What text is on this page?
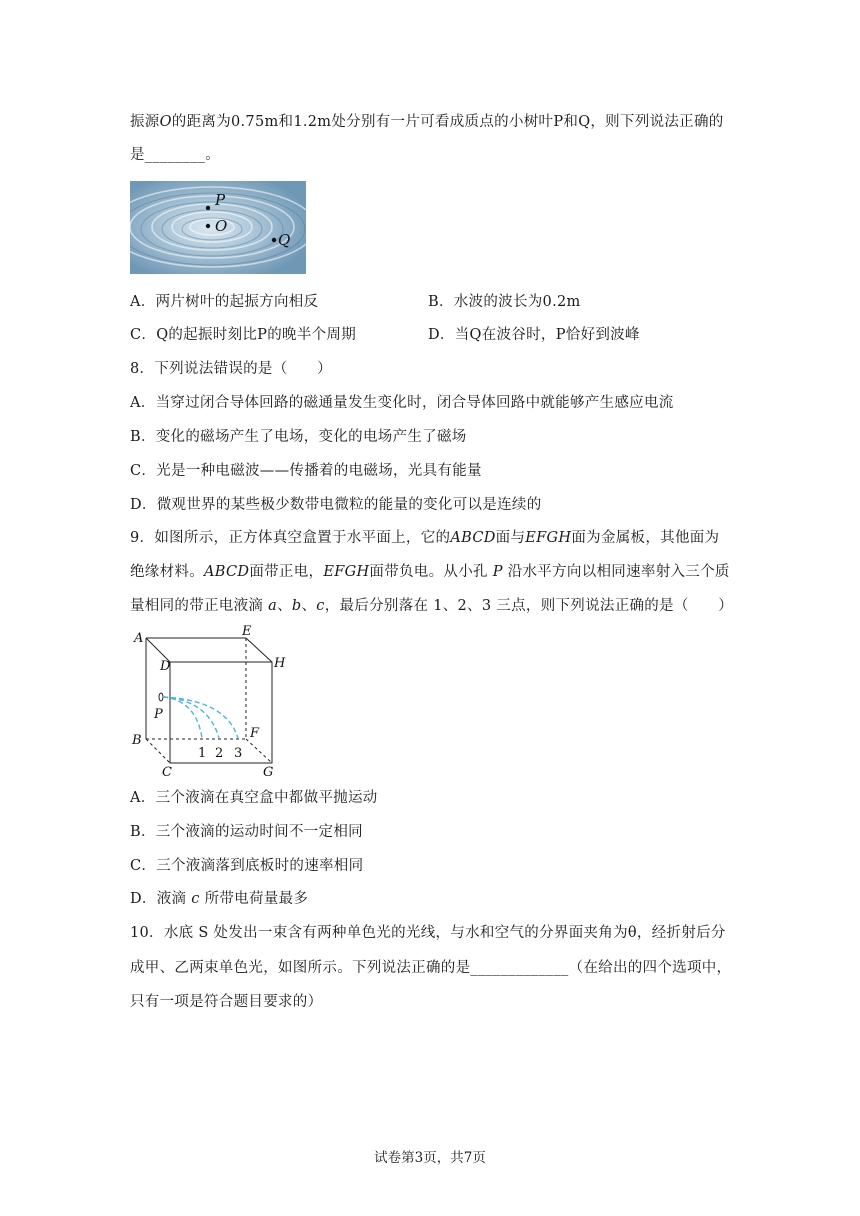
振源O的距离为0.75m和1.2m处分别有一片可看成质点的小树叶P和Q，则下列说法正确的
是________。
P
O
Q
A．两片树叶的起振方向相反	B．水波的波长为0.2m
C．Q的起振时刻比P的晚半个周期	D．当Q在波谷时，P恰好到波峰
8．下列说法错误的是（　　）
A．当穿过闭合导体回路的磁通量发生变化时，闭合导体回路中就能够产生感应电流
B．变化的磁场产生了电场，变化的电场产生了磁场
C．光是一种电磁波——传播着的电磁场，光具有能量
D．微观世界的某些极少数带电微粒的能量的变化可以是连续的
9．如图所示，正方体真空盒置于水平面上，它的ABCD面与EFGH面为金属板，其他面为
绝缘材料。ABCD面带正电，EFGH面带负电。从小孔 P 沿水平方向以相同速率射入三个质
量相同的带正电液滴 a、b、c，最后分别落在 1、2、3 三点，则下列说法正确的是（　　）
A	E
D	H
P
B	F
C	G
1 2 3
A．三个液滴在真空盒中都做平抛运动
B．三个液滴的运动时间不一定相同
C．三个液滴落到底板时的速率相同
D．液滴 c 所带电荷量最多
10．水底 S 处发出一束含有两种单色光的光线，与水和空气的分界面夹角为θ，经折射后分
成甲、乙两束单色光，如图所示。下列说法正确的是_____________（在给出的四个选项中，
只有一项是符合题目要求的）
试卷第3页，共7页
